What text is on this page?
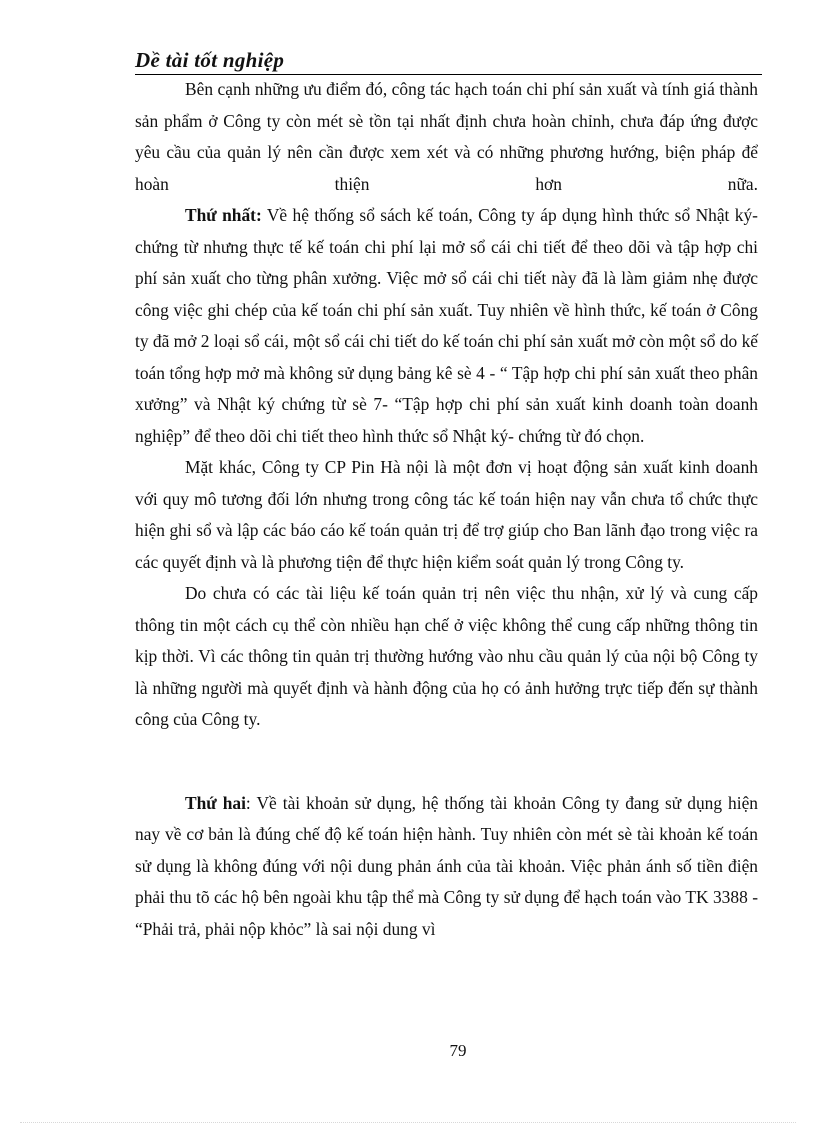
Dề tài tốt nghiệp

Bên cạnh những ưu điểm đó, công tác hạch toán chi phí sản xuất và tính giá thành sản phẩm ở Công ty còn mét sè tồn tại nhất định chưa hoàn chỉnh, chưa đáp ứng được yêu cầu của quản lý nên cần được xem xét và có những phương hướng, biện pháp để hoàn thiện hơn nữa.

Thứ nhất: Về hệ thống sổ sách kế toán, Công ty áp dụng hình thức sổ Nhật ký- chứng từ nhưng thực tế kế toán chi phí lại mở sổ cái chi tiết để theo dõi và tập hợp chi phí sản xuất cho từng phân xưởng. Việc mở sổ cái chi tiết này đã là làm giảm nhẹ được công việc ghi chép của kế toán chi phí sản xuất. Tuy nhiên về hình thức, kế toán ở Công ty đã mở 2 loại sổ cái, một sổ cái chi tiết do kế toán chi phí sản xuất mở còn một sổ do kế toán tổng hợp mở mà không sử dụng bảng kê sè 4 - “ Tập hợp chi phí sản xuất theo phân xưởng” và Nhật ký chứng từ sè 7- “Tập hợp chi phí sản xuất kinh doanh toàn doanh nghiệp” để theo dõi chi tiết theo hình thức sổ Nhật ký- chứng từ đó chọn.

Mặt khác, Công ty CP Pin Hà nội là một đơn vị hoạt động sản xuất kinh doanh với quy mô tương đối lớn nhưng trong công tác kế toán hiện nay vẫn chưa tổ chức thực hiện ghi sổ và lập các báo cáo kế toán quản trị để trợ giúp cho Ban lãnh đạo trong việc ra các quyết định và là phương tiện để thực hiện kiểm soát quản lý trong Công ty.

Do chưa có các tài liệu kế toán quản trị nên việc thu nhận, xử lý và cung cấp thông tin một cách cụ thể còn nhiều hạn chế ở việc không thể cung cấp những thông tin kịp thời. Vì các thông tin quản trị thường hướng vào nhu cầu quản lý của nội bộ Công ty là những người mà quyết định và hành động của họ có ảnh hưởng trực tiếp đến sự thành công của Công ty.

Thứ hai: Về tài khoản sử dụng, hệ thống tài khoản Công ty đang sử dụng hiện nay về cơ bản là đúng chế độ kế toán hiện hành. Tuy nhiên còn mét sè tài khoản kế toán sử dụng là không đúng với nội dung phản ánh của tài khoản. Việc phản ánh số tiền điện phải thu tõ các hộ bên ngoài khu tập thể mà Công ty sử dụng để hạch toán vào TK 3388 - “Phải trả, phải nộp khỏc” là sai nội dung vì

79
